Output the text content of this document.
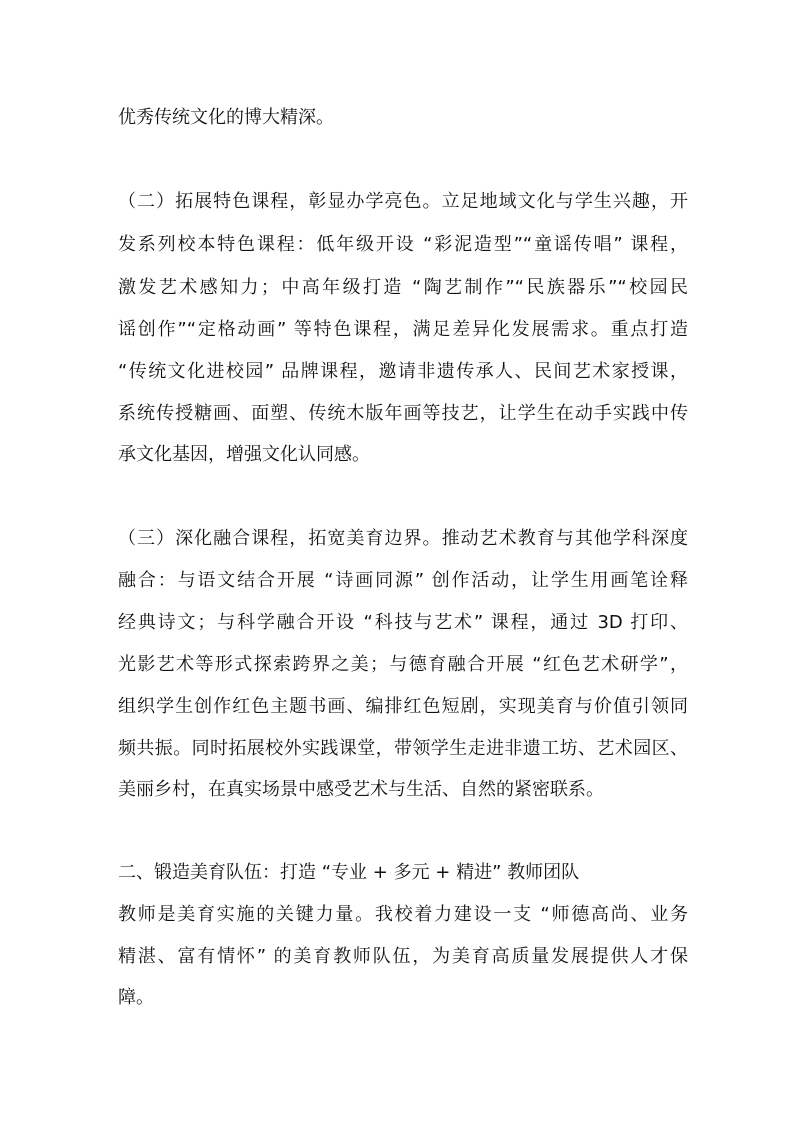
优秀传统文化的博大精深。
（二）拓展特色课程，彰显办学亮色。立足地域文化与学生兴趣，开
发系列校本特色课程：低年级开设 “彩泥造型”“童谣传唱” 课程，
激发艺术感知力；中高年级打造 “陶艺制作”“民族器乐”“校园民
谣创作”“定格动画” 等特色课程，满足差异化发展需求。重点打造
“传统文化进校园” 品牌课程，邀请非遗传承人、民间艺术家授课，
系统传授糖画、面塑、传统木版年画等技艺，让学生在动手实践中传
承文化基因，增强文化认同感。
（三）深化融合课程，拓宽美育边界。推动艺术教育与其他学科深度
融合：与语文结合开展 “诗画同源” 创作活动，让学生用画笔诠释
经典诗文；与科学融合开设 “科技与艺术” 课程，通过 3D 打印、
光影艺术等形式探索跨界之美；与德育融合开展 “红色艺术研学”，
组织学生创作红色主题书画、编排红色短剧，实现美育与价值引领同
频共振。同时拓展校外实践课堂，带领学生走进非遗工坊、艺术园区、
美丽乡村，在真实场景中感受艺术与生活、自然的紧密联系。
二、锻造美育队伍：打造 “专业 + 多元 + 精进” 教师团队
教师是美育实施的关键力量。我校着力建设一支 “师德高尚、业务
精湛、富有情怀” 的美育教师队伍，为美育高质量发展提供人才保
障。
